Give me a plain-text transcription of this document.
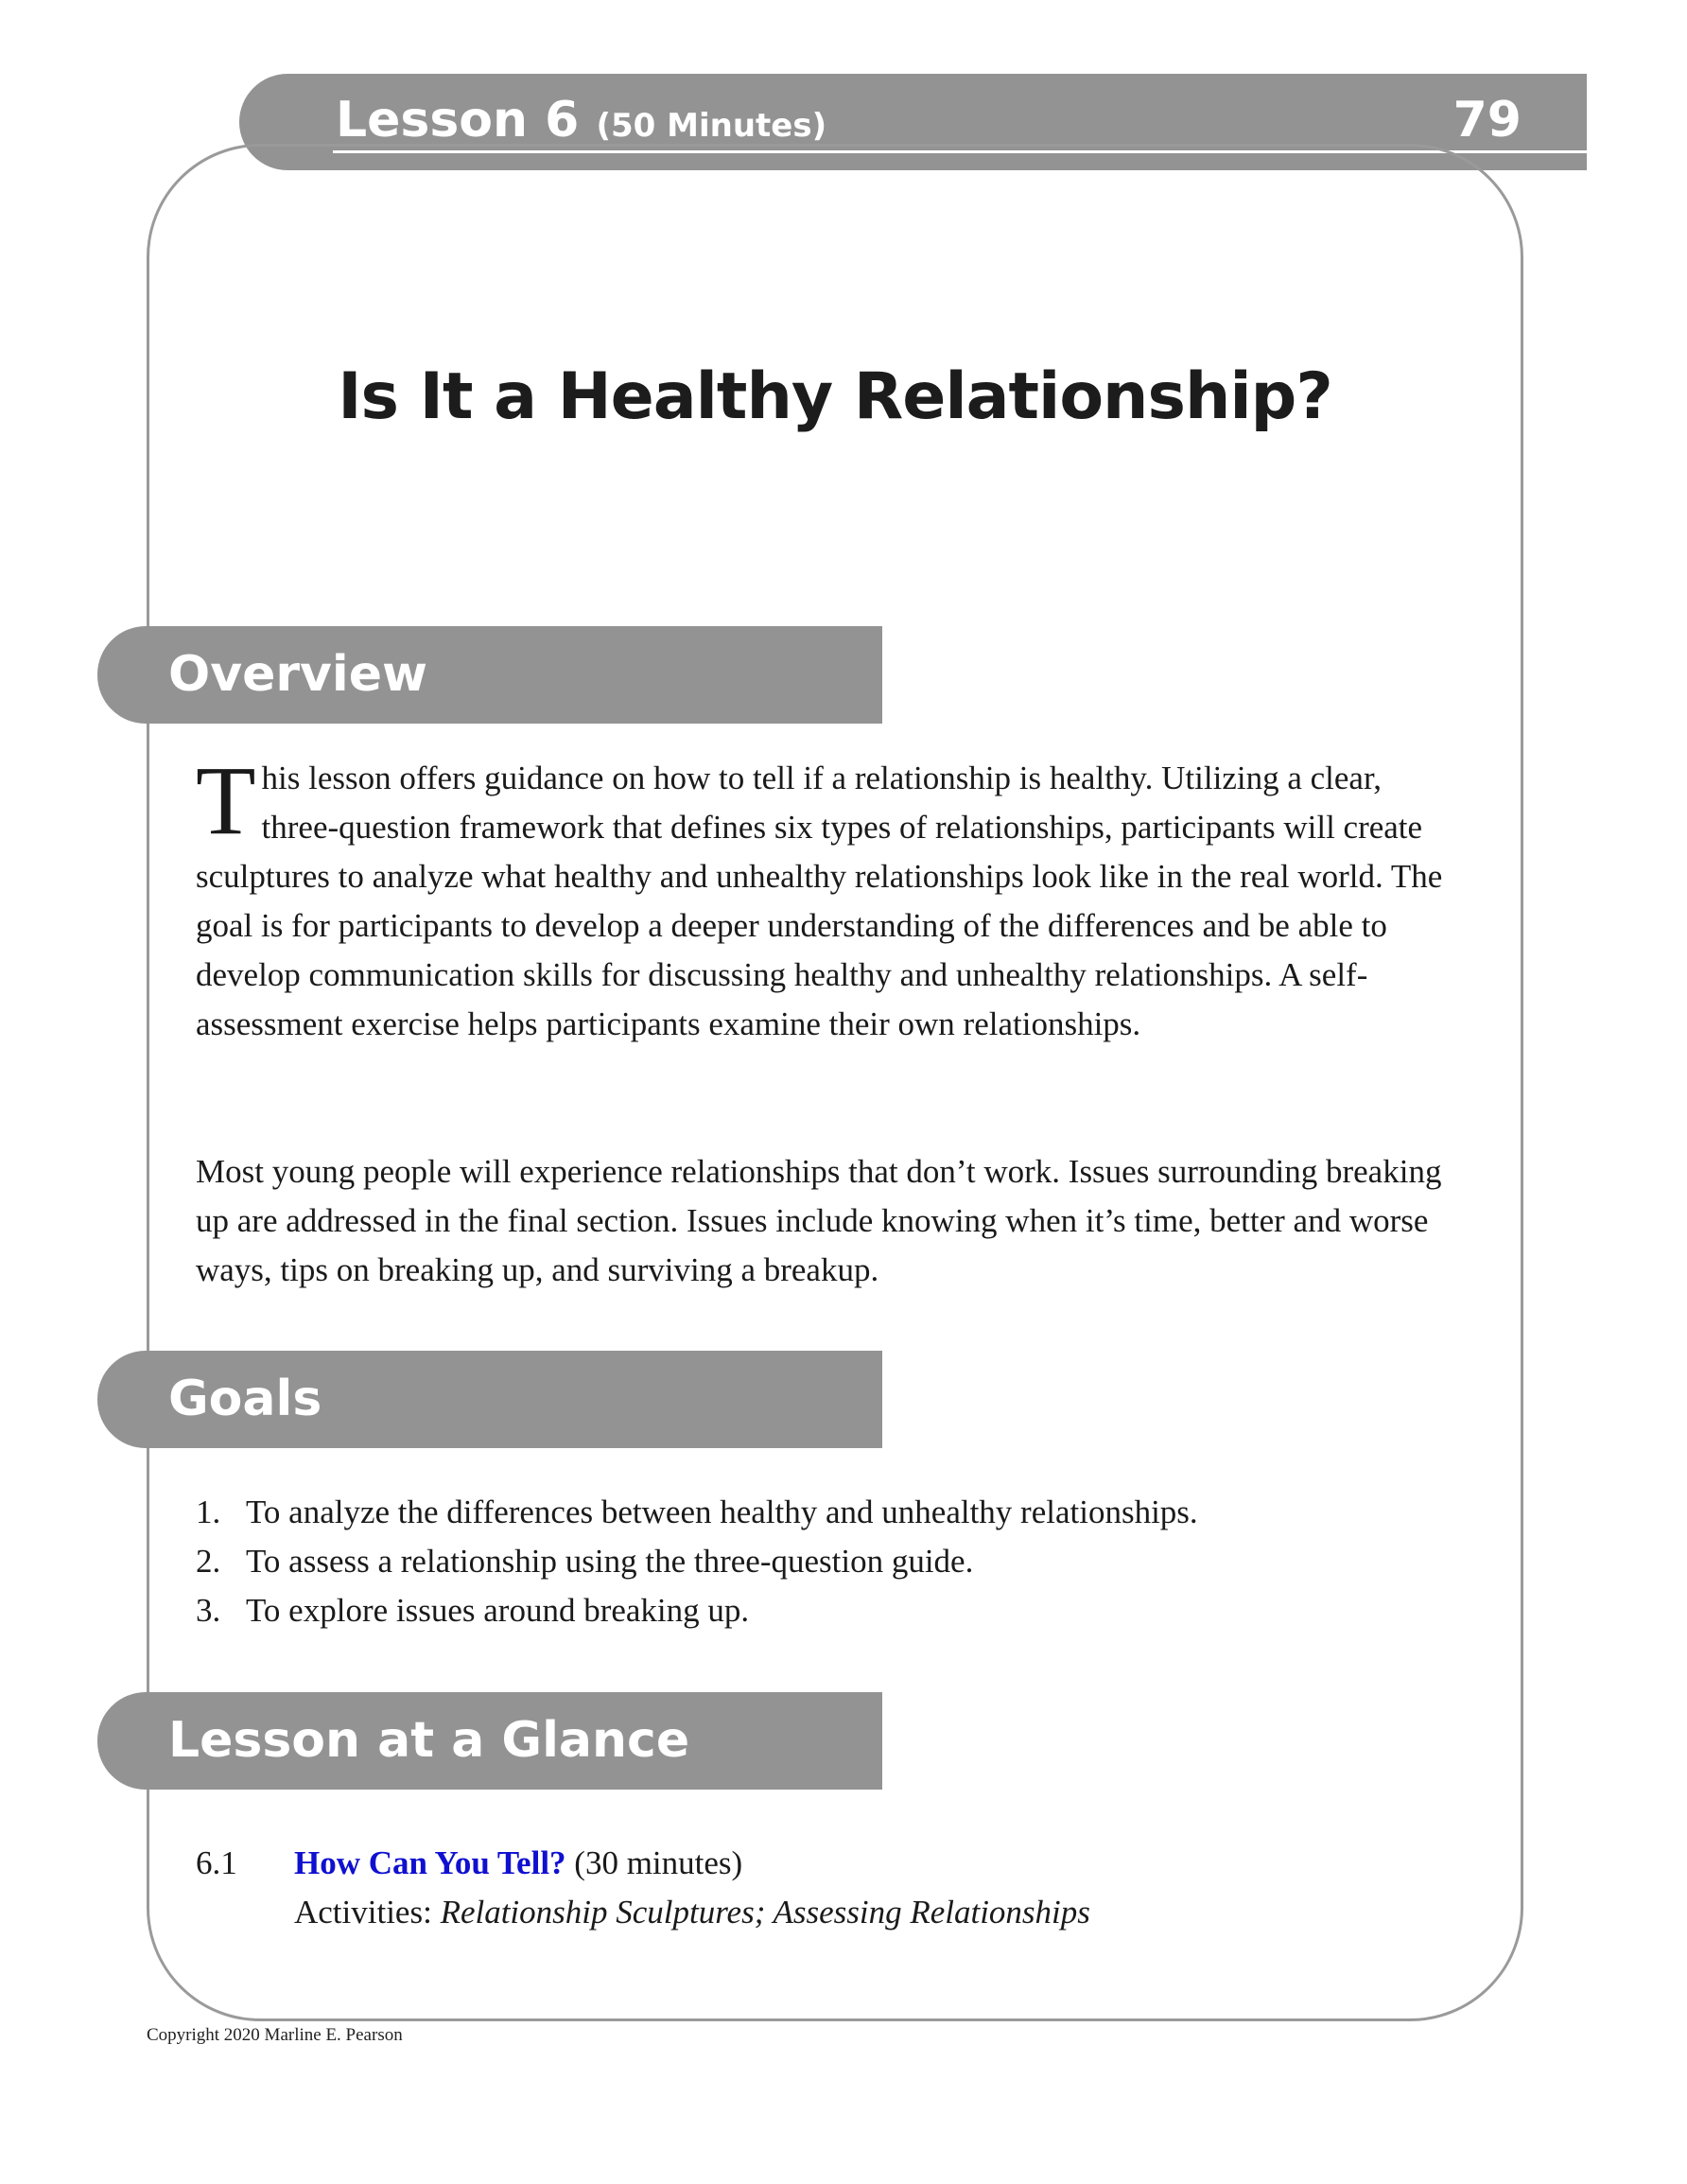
Lesson 6 (50 Minutes)	79
Is It a Healthy Relationship?
Overview

This lesson offers guidance on how to tell if a relationship is healthy. Utilizing a clear, three-question framework that defines six types of relationships, participants will create sculptures to analyze what healthy and unhealthy relationships look like in the real world. The goal is for participants to develop a deeper understanding of the differences and be able to develop communication skills for discussing healthy and unhealthy relationships. A self-assessment exercise helps participants examine their own relationships.

Most young people will experience relationships that don’t work. Issues surrounding breaking up are addressed in the final section. Issues include knowing when it’s time, better and worse ways, tips on breaking up, and surviving a breakup.

Goals
1. To analyze the differences between healthy and unhealthy relationships.
2. To assess a relationship using the three-question guide.
3. To explore issues around breaking up.
Lesson at a Glance
6.1	How Can You Tell? (30 minutes)
Activities: Relationship Sculptures; Assessing Relationships
Copyright 2020 Marline E. Pearson
